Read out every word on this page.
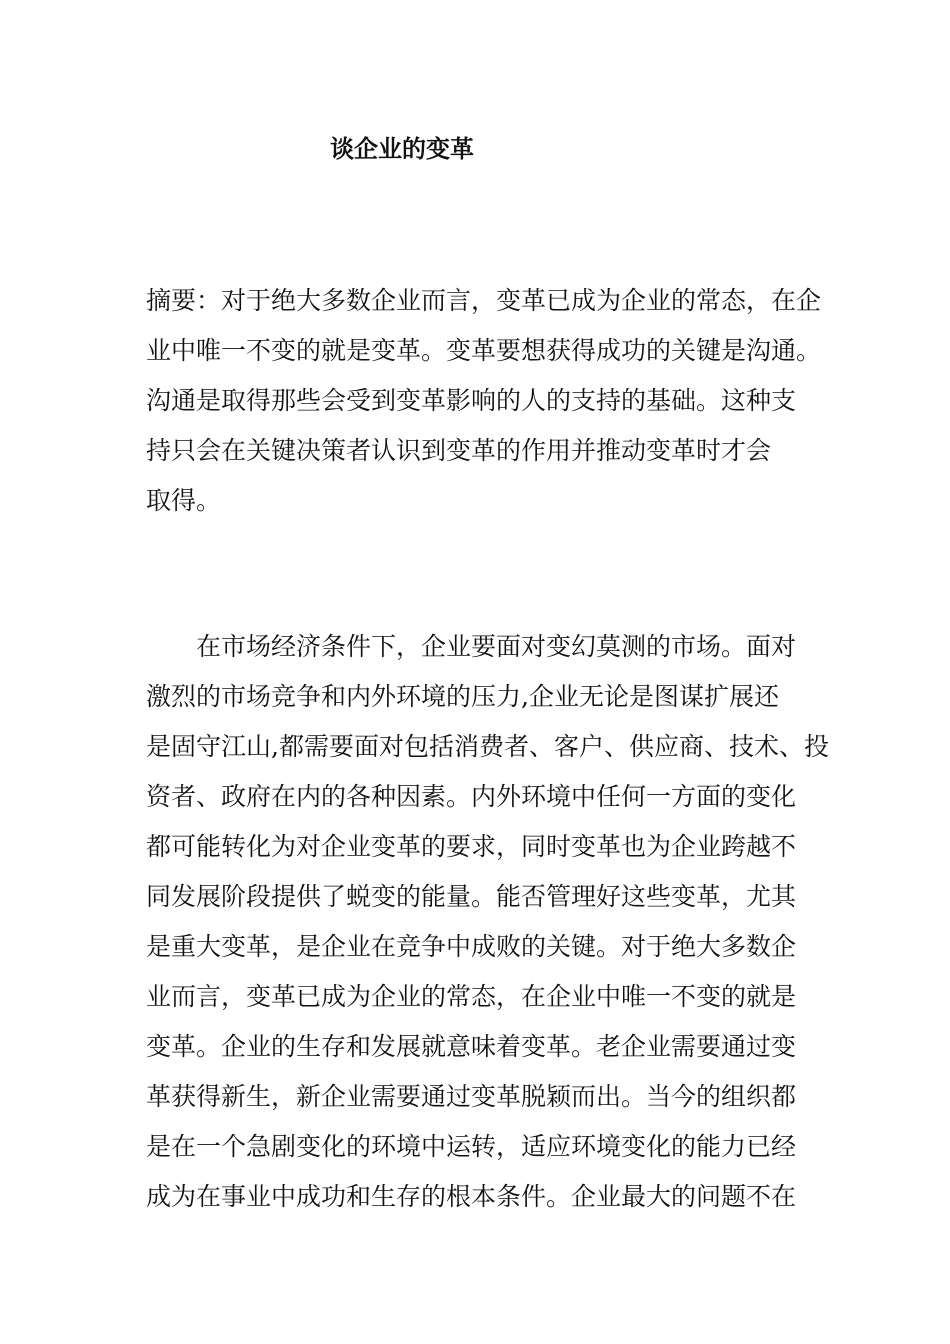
谈企业的变革

摘要：对于绝大多数企业而言，变革已成为企业的常态，在企
业中唯一不变的就是变革。变革要想获得成功的关键是沟通。
沟通是取得那些会受到变革影响的人的支持的基础。这种支
持只会在关键决策者认识到变革的作用并推动变革时才会
取得。

　　在市场经济条件下，企业要面对变幻莫测的市场。面对
激烈的市场竞争和内外环境的压力,企业无论是图谋扩展还
是固守江山,都需要面对包括消费者、客户、供应商、技术、投
资者、政府在内的各种因素。内外环境中任何一方面的变化
都可能转化为对企业变革的要求，同时变革也为企业跨越不
同发展阶段提供了蜕变的能量。能否管理好这些变革，尤其
是重大变革，是企业在竞争中成败的关键。对于绝大多数企
业而言，变革已成为企业的常态，在企业中唯一不变的就是
变革。企业的生存和发展就意味着变革。老企业需要通过变
革获得新生，新企业需要通过变革脱颖而出。当今的组织都
是在一个急剧变化的环境中运转，适应环境变化的能力已经
成为在事业中成功和生存的根本条件。企业最大的问题不在
